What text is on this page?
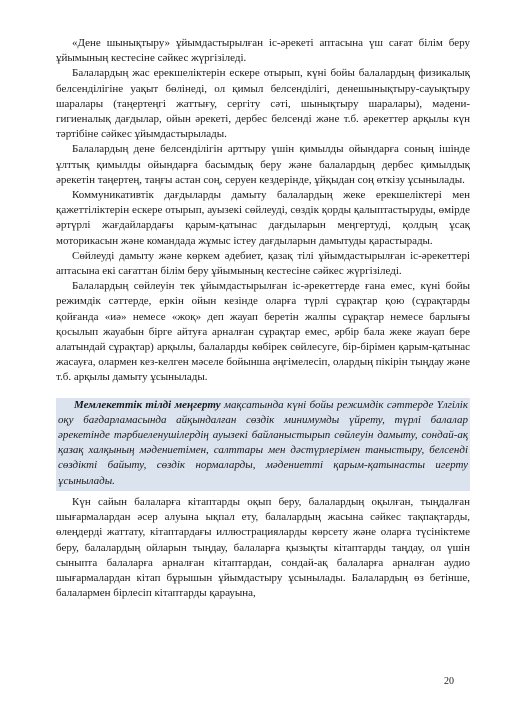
«Дене шынықтыру» ұйымдастырылған іс-әрекеті аптасына үш сағат білім беру ұйымының кестесіне сәйкес жүргізіледі.

Балалардың жас ерекшеліктерін ескере отырып, күні бойы балалардың физикалық белсенділігіне уақыт бөлінеді, ол қимыл белсенділігі, денешынықтыру-сауықтыру шаралары (таңертеңгі жаттығу, сергіту сәті, шынықтыру шаралары), мәдени-гигиеналық дағдылар, ойын әрекеті, дербес белсенді және т.б. әрекеттер арқылы күн тәртібіне сәйкес ұйымдастырылады.

Балалардың дене белсенділігін арттыру үшін қимылды ойындарға соның ішінде ұлттық қимылды ойындарға басымдық беру және балалардың дербес қимылдық әрекетін таңертең, таңғы астан соң, серуен кездерінде, ұйқыдан соң өткізу ұсынылады.

Коммуникативтік дағдыларды дамыту балалардың жеке ерекшеліктері мен қажеттіліктерін ескере отырып, ауызекі сөйлеуді, сөздік қорды қалыптастыруды, өмірде әртүрлі жағдайлардағы қарым-қатынас дағдыларын меңгертуді, қолдың ұсақ моторикасын және командада жұмыс істеу дағдыларын дамытуды қарастырады.

Сөйлеуді дамыту және көркем әдебиет, қазақ тілі ұйымдастырылған іс-әрекеттері аптасына екі сағаттан білім беру ұйымының кестесіне сәйкес жүргізіледі.

Балалардың сөйлеуін тек ұйымдастырылған іс-әрекеттерде ғана емес, күні бойы режимдік сәттерде, еркін ойын кезінде оларға түрлі сұрақтар қою (сұрақтарды қойғанда «иә» немесе «жоқ» деп жауап беретін жалпы сұрақтар немесе барлығы қосылып жауабын бірге айтуға арналған сұрақтар емес, әрбір бала жеке жауап бере алатындай сұрақтар) арқылы, балаларды көбірек сөйлесуге, бір-бірімен қарым-қатынас жасауға, олармен кез-келген мәселе бойынша әңгімелесіп, олардың пікірін тыңдау және т.б. арқылы дамыту ұсынылады.

Мемлекеттік тілді меңгерту мақсатында күні бойы режимдік сәттерде Үлгілік оқу бағдарламасында айқындалған сөздік минимумды үйрету, түрлі балалар әрекетінде тәрбиеленушілердің ауызекі байланыстырып сөйлеуін дамыту, сондай-ақ қазақ халқының мәдениетімен, салттары мен дәстүрлерімен таныстыру, белсенді сөздікті байыту, сөздік нормаларды, мәдениетті қарым-қатынасты игерту ұсынылады.

Күн сайын балаларға кітаптарды оқып беру, балалардың оқылған, тыңдалған шығармалардан әсер алуына ықпал ету, балалардың жасына сәйкес тақпақтарды, өлеңдерді жаттату, кітаптардағы иллюстрацияларды көрсету және оларға түсініктеме беру, балалардың ойларын тыңдау, балаларға қызықты кітаптарды таңдау, ол үшін сыныпта балаларға арналған кітаптардан, сондай-ақ балаларға арналған аудио шығармалардан кітап бұрышын ұйымдастыру ұсынылады. Балалардың өз бетінше, балалармен бірлесіп кітаптарды қарауына,

20
